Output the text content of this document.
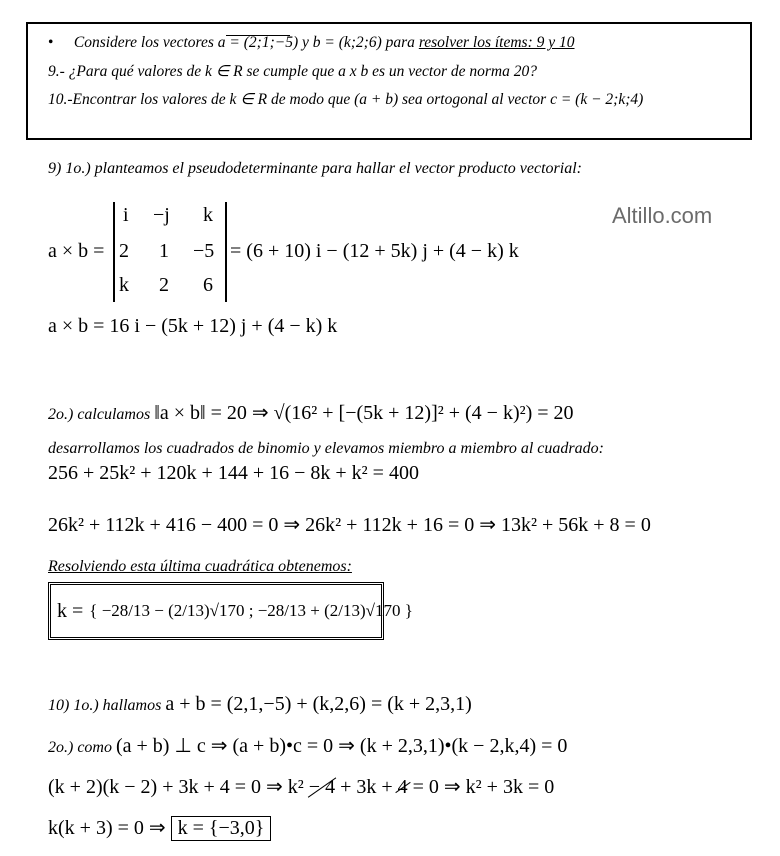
• Considere los vectores a = (2;1;−5) y b = (k;2;6) para resolver los ítems: 9 y 10
9.- ¿Para qué valores de k ∈ R se cumple que a x b es un vector de norma 20?
10.-Encontrar los valores de k ∈ R de modo que (a + b) sea ortogonal al vector c = (k − 2;k;4)
9) 1o.) planteamos el pseudodeterminante para hallar el vector producto vectorial:
a × b =
i −j k
2 1 −5
k 2 6
= (6 + 10) i − (12 + 5k) j + (4 − k) k
Altillo.com
a × b = 16 i − (5k + 12) j + (4 − k) k
2o.) calculamos ‖a × b‖ = 20 ⇒ √(16² + [−(5k + 12)]² + (4 − k)²) = 20
desarrollamos los cuadrados de binomio y elevamos miembro a miembro al cuadrado:
256 + 25k² + 120k + 144 + 16 − 8k + k² = 400
26k² + 112k + 416 − 400 = 0 ⇒ 26k² + 112k + 16 = 0 ⇒ 13k² + 56k + 8 = 0
Resolviendo esta última cuadrática obtenemos:
k = { −28/13 − (2/13)√170 ; −28/13 + (2/13)√170 }
10) 1o.) hallamos a + b = (2,1,−5) + (k,2,6) = (k + 2,3,1)
2o.) como (a + b) ⊥ c ⇒ (a + b)•c = 0 ⇒ (k + 2,3,1)•(k − 2,k,4) = 0
(k + 2)(k − 2) + 3k + 4 = 0 ⇒ k² − 4 + 3k + 4 = 0 ⇒ k² + 3k = 0
k(k + 3) = 0 ⇒ k = {−3,0}
